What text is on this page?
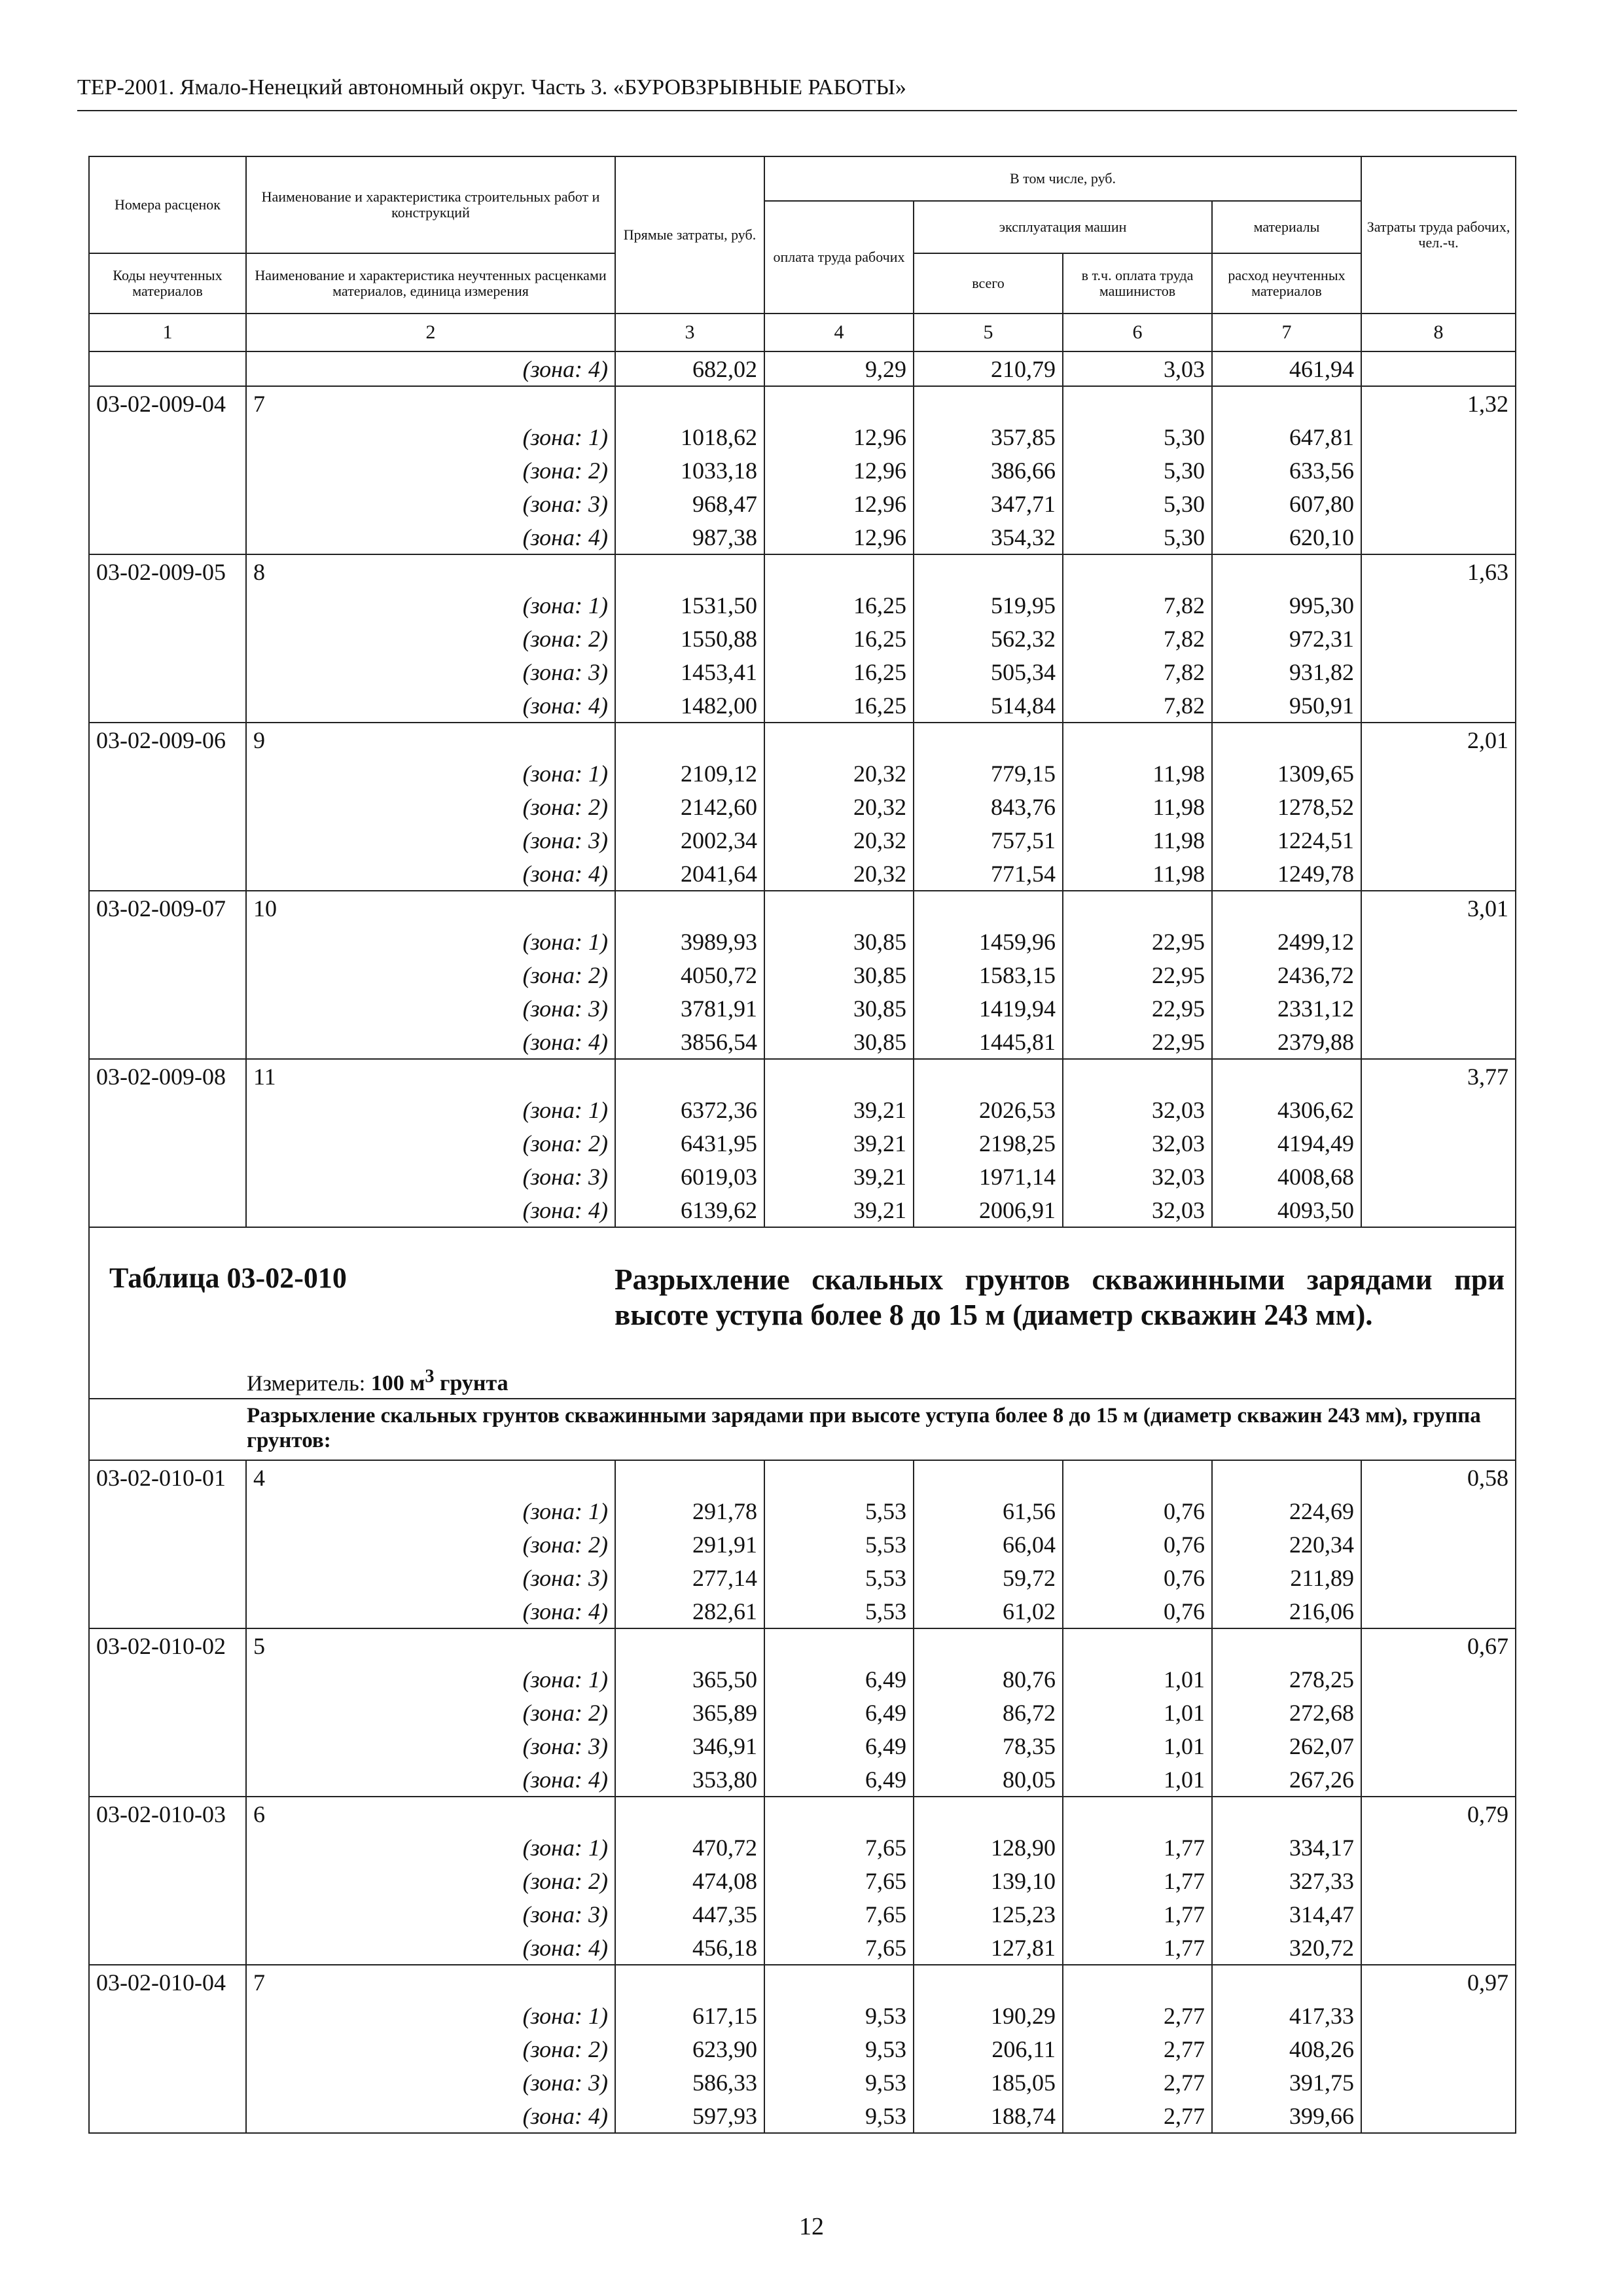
ТЕР-2001. Ямало-Ненецкий автономный округ. Часть 3. «БУРОВЗРЫВНЫЕ РАБОТЫ»
Номера расценок	Наименование и характеристика строительных работ и конструкций	Прямые затраты, руб.	В том числе, руб.				Затраты труда рабочих, чел.-ч.
			оплата труда рабочих	эксплуатация машин		материалы	
Коды неучтенных материалов	Наименование и характеристика неучтенных расценками материалов, единица измерения			всего	в т.ч. оплата труда машинистов	расход неучтенных материалов	
1	2	3	4	5	6	7	8
	(зона: 4)	682,02	9,29	210,79	3,03	461,94	
03-02-009-04	7						1,32
	(зона: 1)	1018,62	12,96	357,85	5,30	647,81	
	(зона: 2)	1033,18	12,96	386,66	5,30	633,56	
	(зона: 3)	968,47	12,96	347,71	5,30	607,80	
	(зона: 4)	987,38	12,96	354,32	5,30	620,10	
03-02-009-05	8						1,63
	(зона: 1)	1531,50	16,25	519,95	7,82	995,30	
	(зона: 2)	1550,88	16,25	562,32	7,82	972,31	
	(зона: 3)	1453,41	16,25	505,34	7,82	931,82	
	(зона: 4)	1482,00	16,25	514,84	7,82	950,91	
03-02-009-06	9						2,01
	(зона: 1)	2109,12	20,32	779,15	11,98	1309,65	
	(зона: 2)	2142,60	20,32	843,76	11,98	1278,52	
	(зона: 3)	2002,34	20,32	757,51	11,98	1224,51	
	(зона: 4)	2041,64	20,32	771,54	11,98	1249,78	
03-02-009-07	10						3,01
	(зона: 1)	3989,93	30,85	1459,96	22,95	2499,12	
	(зона: 2)	4050,72	30,85	1583,15	22,95	2436,72	
	(зона: 3)	3781,91	30,85	1419,94	22,95	2331,12	
	(зона: 4)	3856,54	30,85	1445,81	22,95	2379,88	
03-02-009-08	11						3,77
	(зона: 1)	6372,36	39,21	2026,53	32,03	4306,62	
	(зона: 2)	6431,95	39,21	2198,25	32,03	4194,49	
	(зона: 3)	6019,03	39,21	1971,14	32,03	4008,68	
	(зона: 4)	6139,62	39,21	2006,91	32,03	4093,50	

Таблица 03-02-010 Разрыхление скальных грунтов скважинными зарядами при высоте уступа более 8 до 15 м (диаметр скважин 243 мм).
Измеритель: 100 $м^3$ грунта							

Разрыхление скальных грунтов скважинными зарядами при высоте уступа более 8 до 15 м (диаметр скважин 243 мм), группа грунтов:							
03-02-010-01	4						0,58
	(зона: 1)	291,78	5,53	61,56	0,76	224,69	
	(зона: 2)	291,91	5,53	66,04	0,76	220,34	
	(зона: 3)	277,14	5,53	59,72	0,76	211,89	
	(зона: 4)	282,61	5,53	61,02	0,76	216,06	
03-02-010-02	5						0,67
	(зона: 1)	365,50	6,49	80,76	1,01	278,25	
	(зона: 2)	365,89	6,49	86,72	1,01	272,68	
	(зона: 3)	346,91	6,49	78,35	1,01	262,07	
	(зона: 4)	353,80	6,49	80,05	1,01	267,26	
03-02-010-03	6						0,79
	(зона: 1)	470,72	7,65	128,90	1,77	334,17	
	(зона: 2)	474,08	7,65	139,10	1,77	327,33	
	(зона: 3)	447,35	7,65	125,23	1,77	314,47	
	(зона: 4)	456,18	7,65	127,81	1,77	320,72	
03-02-010-04	7						0,97
	(зона: 1)	617,15	9,53	190,29	2,77	417,33	
	(зона: 2)	623,90	9,53	206,11	2,77	408,26	
	(зона: 3)	586,33	9,53	185,05	2,77	391,75	
	(зона: 4)	597,93	9,53	188,74	2,77	399,66	
12
